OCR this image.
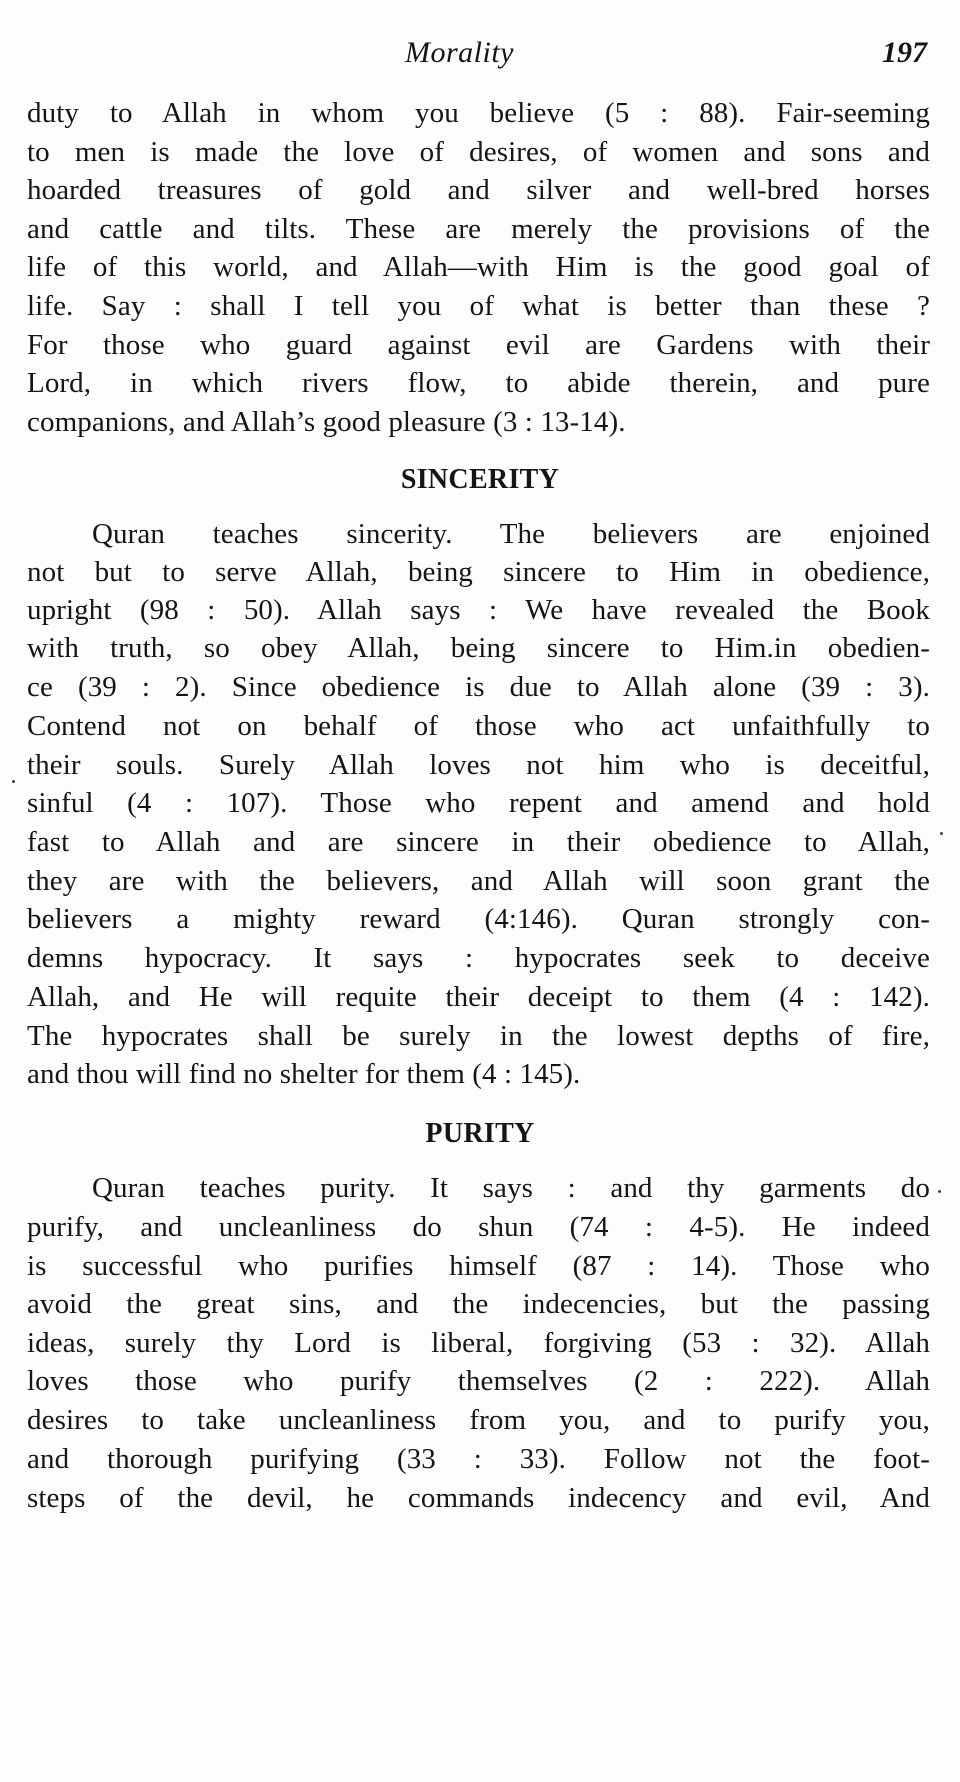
Morality	197
duty to Allah in whom you believe (5 : 88). Fair-seeming
to men is made the love of desires, of women and sons and
hoarded treasures of gold and silver and well-bred horses
and cattle and tilts. These are merely the provisions of the
life of this world, and Allah—with Him is the good goal of
life. Say : shall I tell you of what is better than these ?
For those who guard against evil are Gardens with their
Lord, in which rivers flow, to abide therein, and pure
companions, and Allah’s good pleasure (3 : 13-14).
SINCERITY
Quran teaches sincerity. The believers are enjoined
not but to serve Allah, being sincere to Him in obedience,
upright (98 : 50). Allah says : We have revealed the Book
with truth, so obey Allah, being sincere to Him.in obedien-
ce (39 : 2). Since obedience is due to Allah alone (39 : 3).
Contend not on behalf of those who act unfaithfully to
their souls. Surely Allah loves not him who is deceitful,
sinful (4 : 107). Those who repent and amend and hold
fast to Allah and are sincere in their obedience to Allah,
they are with the believers, and Allah will soon grant the
believers a mighty reward (4:146). Quran strongly con-
demns hypocracy. It says : hypocrates seek to deceive
Allah, and He will requite their deceipt to them (4 : 142).
The hypocrates shall be surely in the lowest depths of fire,
and thou will find no shelter for them (4 : 145).
PURITY
Quran teaches purity. It says : and thy garments do
purify, and uncleanliness do shun (74 : 4-5). He indeed
is successful who purifies himself (87 : 14). Those who
avoid the great sins, and the indecencies, but the passing
ideas, surely thy Lord is liberal, forgiving (53 : 32). Allah
loves those who purify themselves (2 : 222). Allah
desires to take uncleanliness from you, and to purify you,
and thorough purifying (33 : 33). Follow not the foot-
steps of the devil, he commands indecency and evil, And
